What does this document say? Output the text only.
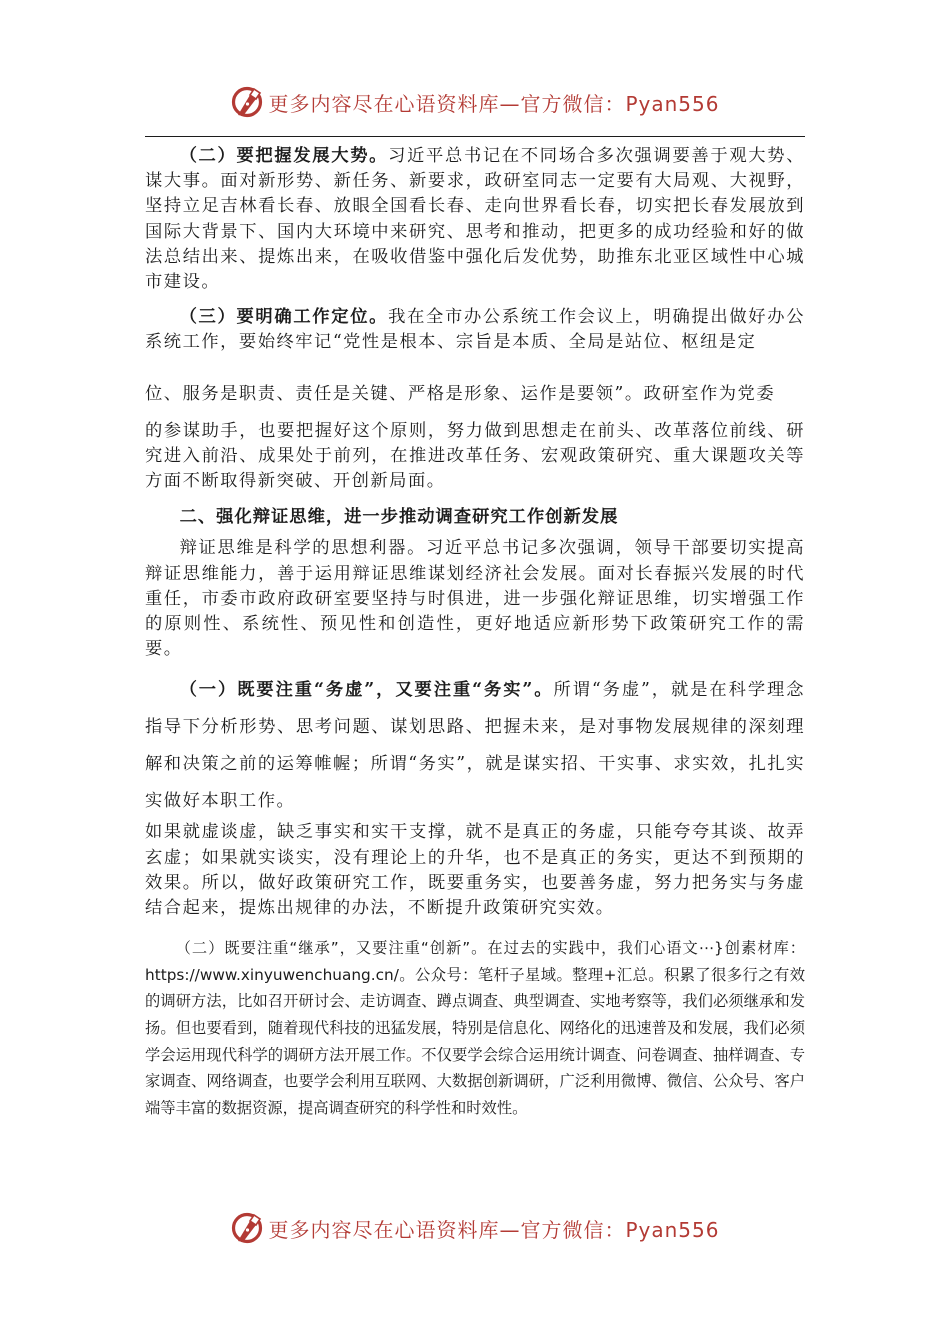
更多内容尽在心语资料库—官方微信：Pyan556

（二）要把握发展大势。习近平总书记在不同场合多次强调要善于观大势、谋大事。面对新形势、新任务、新要求，政研室同志一定要有大局观、大视野，坚持立足吉林看长春、放眼全国看长春、走向世界看长春，切实把长春发展放到国际大背景下、国内大环境中来研究、思考和推动，把更多的成功经验和好的做法总结出来、提炼出来，在吸收借鉴中强化后发优势，助推东北亚区域性中心城市建设。

（三）要明确工作定位。我在全市办公系统工作会议上，明确提出做好办公系统工作，要始终牢记“党性是根本、宗旨是本质、全局是站位、枢纽是定

位、服务是职责、责任是关键、严格是形象、运作是要领”。政研室作为党委

的参谋助手，也要把握好这个原则，努力做到思想走在前头、改革落位前线、研究进入前沿、成果处于前列，在推进改革任务、宏观政策研究、重大课题攻关等方面不断取得新突破、开创新局面。

二、强化辩证思维，进一步推动调查研究工作创新发展

辩证思维是科学的思想利器。习近平总书记多次强调，领导干部要切实提高辩证思维能力，善于运用辩证思维谋划经济社会发展。面对长春振兴发展的时代重任，市委市政府政研室要坚持与时俱进，进一步强化辩证思维，切实增强工作的原则性、系统性、预见性和创造性，更好地适应新形势下政策研究工作的需要。

（一）既要注重“务虚”，又要注重“务实”。所谓“务虚”，就是在科学理念指导下分析形势、思考问题、谋划思路、把握未来，是对事物发展规律的深刻理解和决策之前的运筹帷幄；所谓“务实”，就是谋实招、干实事、求实效，扎扎实实做好本职工作。

如果就虚谈虚，缺乏事实和实干支撑，就不是真正的务虚，只能夸夸其谈、故弄玄虚；如果就实谈实，没有理论上的升华，也不是真正的务实，更达不到预期的效果。所以，做好政策研究工作，既要重务实，也要善务虚，努力把务实与务虚结合起来，提炼出规律的办法，不断提升政策研究实效。

（二）既要注重“继承”，又要注重“创新”。在过去的实践中，我们心语文⋯}创素材库：https://www.xinyuwenchuang.cn/。公众号：笔杆子星域。整理+汇总。积累了很多行之有效的调研方法，比如召开研讨会、走访调查、蹲点调查、典型调查、实地考察等，我们必须继承和发扬。但也要看到，随着现代科技的迅猛发展，特别是信息化、网络化的迅速普及和发展，我们必须学会运用现代科学的调研方法开展工作。不仅要学会综合运用统计调查、问卷调查、抽样调查、专家调查、网络调查，也要学会利用互联网、大数据创新调研，广泛利用微博、微信、公众号、客户端等丰富的数据资源，提高调查研究的科学性和时效性。

更多内容尽在心语资料库—官方微信：Pyan556
